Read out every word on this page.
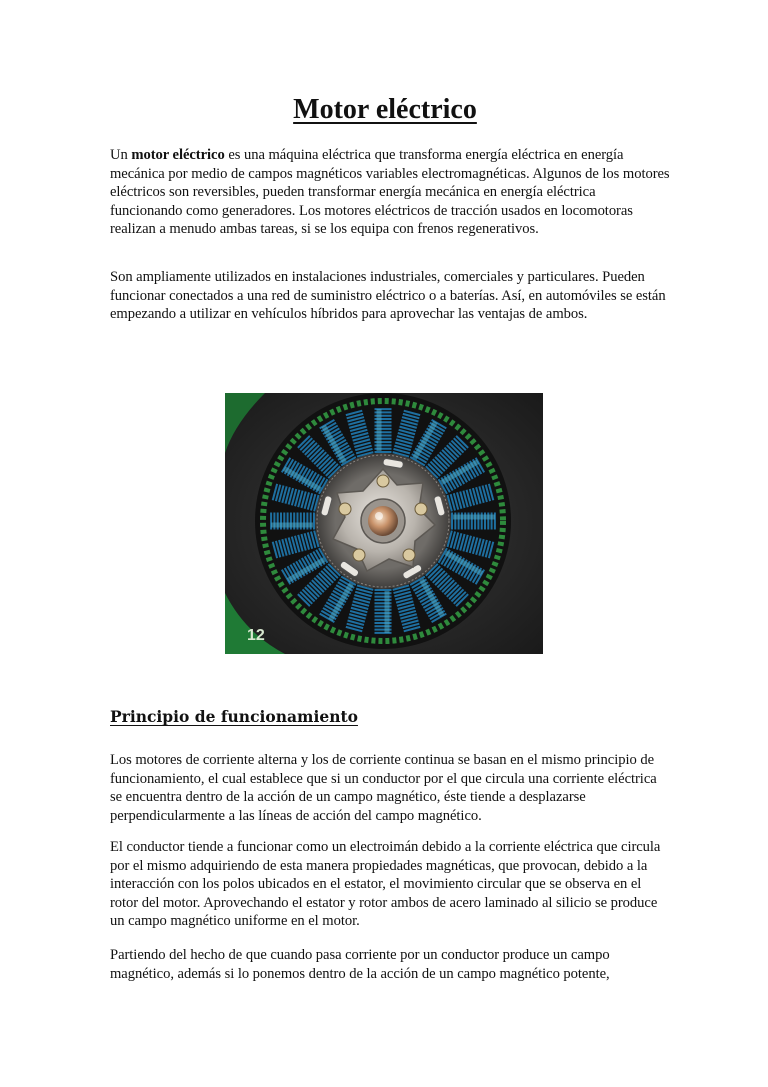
Motor eléctrico

Un motor eléctrico es una máquina eléctrica que transforma energía eléctrica en energía mecánica por medio de campos magnéticos variables electromagnéticas. Algunos de los motores eléctricos son reversibles, pueden transformar energía mecánica en energía eléctrica funcionando como generadores. Los motores eléctricos de tracción usados en locomotoras realizan a menudo ambas tareas, si se los equipa con frenos regenerativos.

Son ampliamente utilizados en instalaciones industriales, comerciales y particulares. Pueden funcionar conectados a una red de suministro eléctrico o a baterías. Así, en automóviles se están empezando a utilizar en vehículos híbridos para aprovechar las ventajas de ambos.

Principio de funcionamiento

Los motores de corriente alterna y los de corriente continua se basan en el mismo principio de funcionamiento, el cual establece que si un conductor por el que circula una corriente eléctrica se encuentra dentro de la acción de un campo magnético, éste tiende a desplazarse perpendicularmente a las líneas de acción del campo magnético.

El conductor tiende a funcionar como un electroimán debido a la corriente eléctrica que circula por el mismo adquiriendo de esta manera propiedades magnéticas, que provocan, debido a la interacción con los polos ubicados en el estator, el movimiento circular que se observa en el rotor del motor. Aprovechando el estator y rotor ambos de acero laminado al silicio se produce un campo magnético uniforme en el motor.

Partiendo del hecho de que cuando pasa corriente por un conductor produce un campo magnético, además si lo ponemos dentro de la acción de un campo magnético potente,

12
